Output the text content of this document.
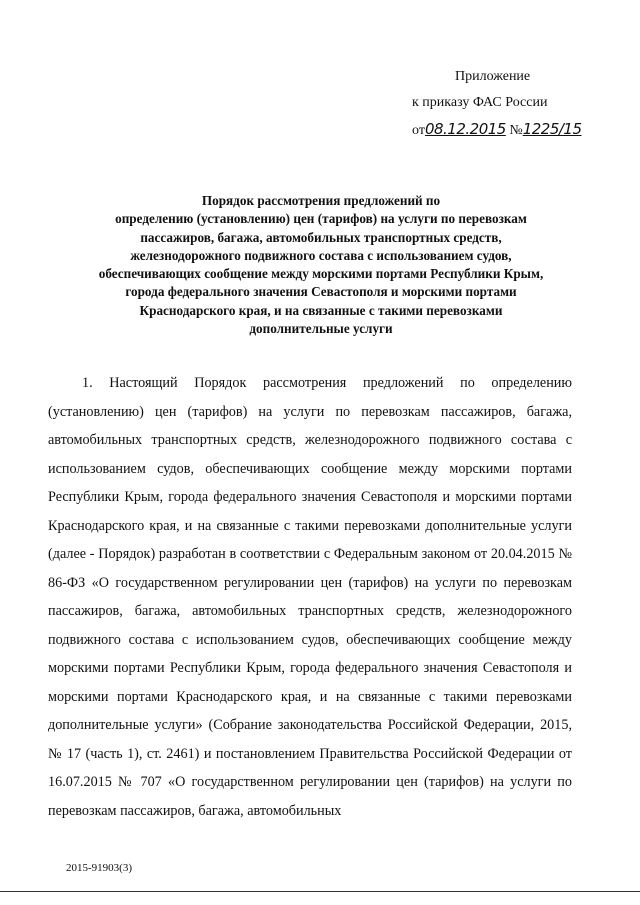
Приложение
к приказу ФАС России
от08.12.2015 №1225/15
Порядок рассмотрения предложений по
определению (установлению) цен (тарифов) на услуги по перевозкам
пассажиров, багажа, автомобильных транспортных средств,
железнодорожного подвижного состава с использованием судов,
обеспечивающих сообщение между морскими портами Республики Крым,
города федерального значения Севастополя и морскими портами
Краснодарского края, и на связанные с такими перевозками
дополнительные услуги

1. Настоящий Порядок рассмотрения предложений по определению (установлению) цен (тарифов) на услуги по перевозкам пассажиров, багажа, автомобильных транспортных средств, железнодорожного подвижного состава с использованием судов, обеспечивающих сообщение между морскими портами Республики Крым, города федерального значения Севастополя и морскими портами Краснодарского края, и на связанные с такими перевозками дополнительные услуги (далее - Порядок) разработан в соответствии с Федеральным законом от 20.04.2015 № 86-ФЗ «О государственном регулировании цен (тарифов) на услуги по перевозкам пассажиров, багажа, автомобильных транспортных средств, железнодорожного подвижного состава с использованием судов, обеспечивающих сообщение между морскими портами Республики Крым, города федерального значения Севастополя и морскими портами Краснодарского края, и на связанные с такими перевозками дополнительные услуги» (Собрание законодательства Российской Федерации, 2015, № 17 (часть 1), ст. 2461) и постановлением Правительства Российской Федерации от 16.07.2015 № 707 «О государственном регулировании цен (тарифов) на услуги по перевозкам пассажиров, багажа, автомобильных

2015-91903(3)
